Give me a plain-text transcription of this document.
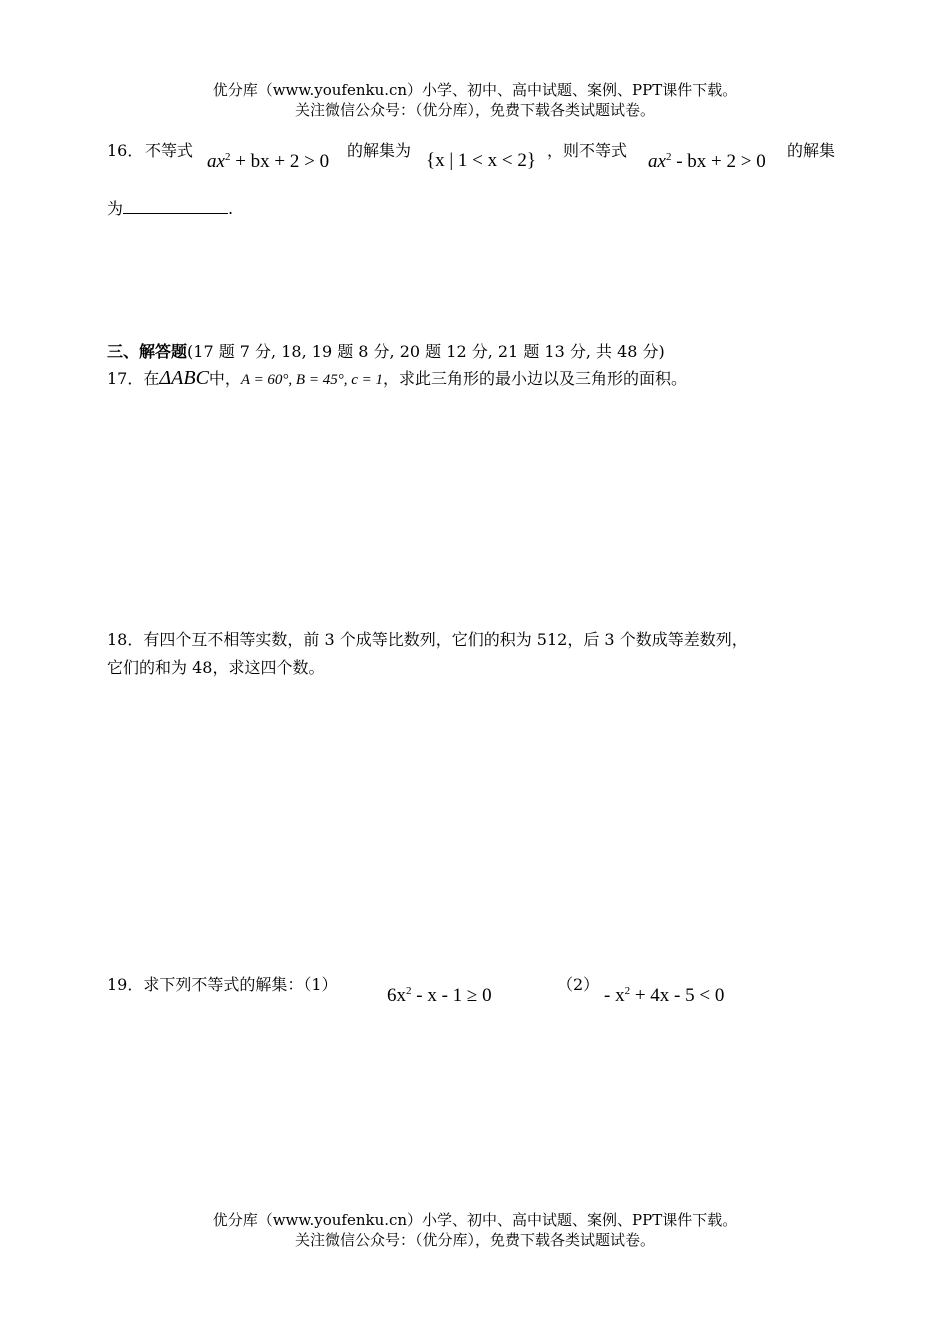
优分库（www.youfenku.cn）小学、初中、高中试题、案例、PPT课件下载。
关注微信公众号：（优分库），免费下载各类试题试卷。
16． 不等式
$ax^2$ + bx + 2 > 0
的解集为 {x | 1 < x < 2} ，则不等式
$ax^2$ - bx + 2 > 0
的解集
为	.
三、解答题(17 题 7 分, 18, 19 题 8 分, 20 题 12 分, 21 题 13 分, 共 48 分)
17．在ΔABC中，A = 60°, B = 45°, c = 1，求此三角形的最小边以及三角形的面积。
18．有四个互不相等实数，前 3 个成等比数列，它们的积为 512，后 3 个数成等差数列，
它们的和为 48，求这四个数。
19．求下列不等式的解集：（1）
$6x^2 - x - 1 \ge 0$
（2）
- $x^2 + 4x - 5 < 0$
优分库（www.youfenku.cn）小学、初中、高中试题、案例、PPT课件下载。
关注微信公众号：（优分库），免费下载各类试题试卷。
